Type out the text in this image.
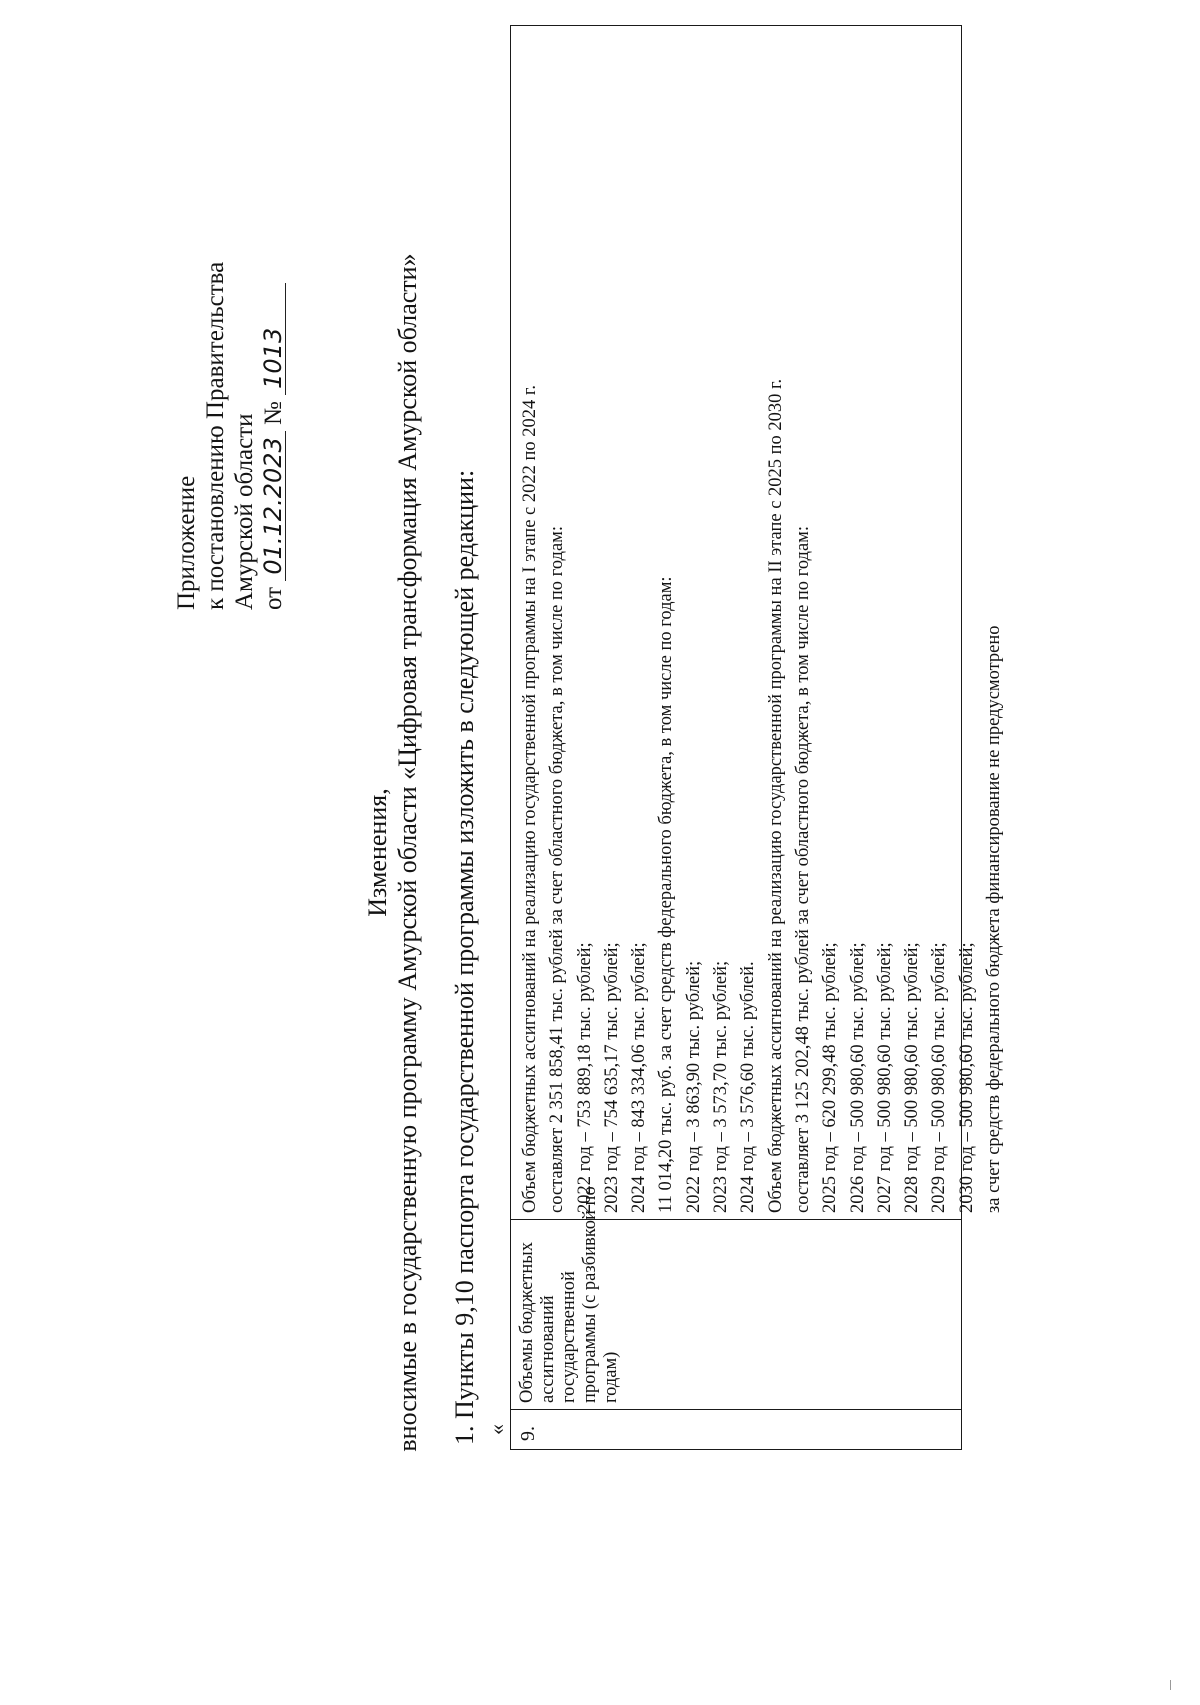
Приложение к постановлению Правительства Амурской области от 01.12.2023 № 1013
Изменения, вносимые в государственную программу Амурской области «Цифровая трансформация Амурской области» 1. Пункты 9,10 паспорта государственной программы изложить в следующей редакции: « 9.
Объемы бюджетных ассигнований государственной программы (с разбивкой по годам)
Объем бюджетных ассигнований на реализацию государственной программы на I этапе с 2022 по 2024 г. составляет 2 351 858,41 тыс. рублей за счет областного бюджета, в том числе по годам: 2022 год – 753 889,18 тыс. рублей; 2023 год – 754 635,17 тыс. рублей; 2024 год – 843 334,06 тыс. рублей; 11 014,20 тыс. руб. за счет средств федерального бюджета, в том числе по годам: 2022 год – 3 863,90 тыс. рублей; 2023 год – 3 573,70 тыс. рублей; 2024 год – 3 576,60 тыс. рублей. Объем бюджетных ассигнований на реализацию государственной программы на II этапе с 2025 по 2030 г. составляет 3 125 202,48 тыс. рублей за счет областного бюджета, в том числе по годам: 2025 год – 620 299,48 тыс. рублей; 2026 год – 500 980,60 тыс. рублей; 2027 год – 500 980,60 тыс. рублей; 2028 год – 500 980,60 тыс. рублей; 2029 год – 500 980,60 тыс. рублей; 2030 год – 500 980,60 тыс. рублей; за счет средств федерального бюджета финансирование не предусмотрено
